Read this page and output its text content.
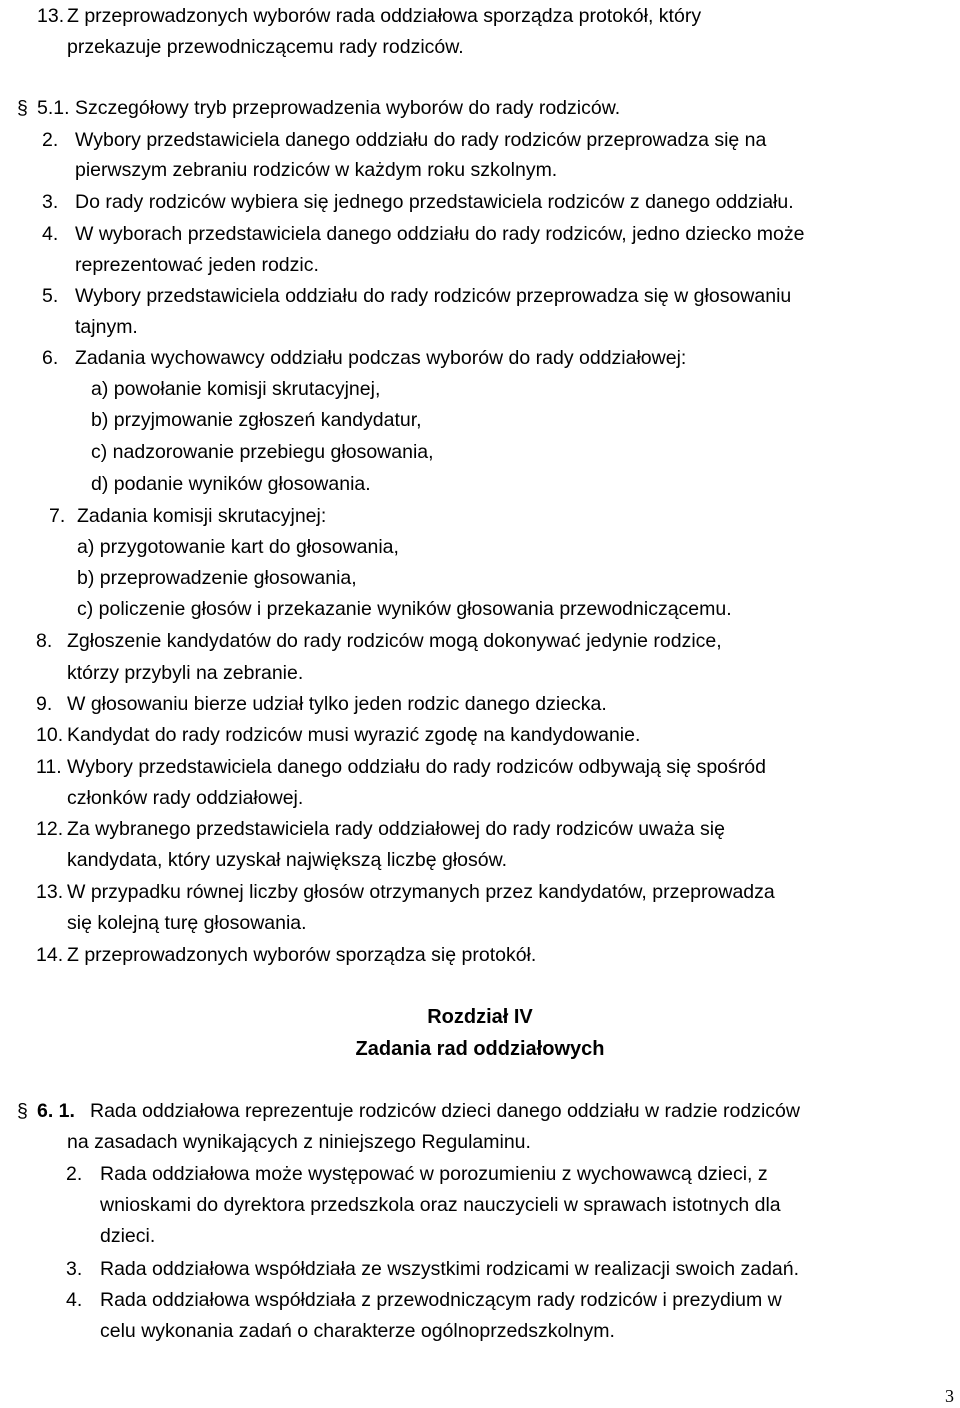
13. Z przeprowadzonych wyborów rada oddziałowa sporządza protokół, który
przekazuje przewodniczącemu rady rodziców.
§ 5.1. Szczegółowy tryb przeprowadzenia wyborów do rady rodziców.
2. Wybory przedstawiciela danego oddziału do rady rodziców przeprowadza się na
pierwszym zebraniu rodziców w każdym roku szkolnym.
3. Do rady rodziców wybiera się jednego przedstawiciela rodziców z danego oddziału.
4. W wyborach przedstawiciela danego oddziału do rady rodziców, jedno dziecko może
reprezentować jeden rodzic.
5. Wybory przedstawiciela oddziału do rady rodziców przeprowadza się w głosowaniu
tajnym.
6. Zadania wychowawcy oddziału podczas wyborów do rady oddziałowej:
a) powołanie komisji skrutacyjnej,
b) przyjmowanie zgłoszeń kandydatur,
c) nadzorowanie przebiegu głosowania,
d) podanie wyników głosowania.
7. Zadania komisji skrutacyjnej:
a) przygotowanie kart do głosowania,
b) przeprowadzenie głosowania,
c) policzenie głosów i przekazanie wyników głosowania przewodniczącemu.
8. Zgłoszenie kandydatów do rady rodziców mogą dokonywać jedynie rodzice,
którzy przybyli na zebranie.
9. W głosowaniu bierze udział tylko jeden rodzic danego dziecka.
10. Kandydat do rady rodziców musi wyrazić zgodę na kandydowanie.
11. Wybory przedstawiciela danego oddziału do rady rodziców odbywają się spośród
członków rady oddziałowej.
12. Za wybranego przedstawiciela rady oddziałowej do rady rodziców uważa się
kandydata, który uzyskał największą liczbę głosów.
13. W przypadku równej liczby głosów otrzymanych przez kandydatów, przeprowadza
się kolejną turę głosowania.
14. Z przeprowadzonych wyborów sporządza się protokół.
Rozdział IV
Zadania rad oddziałowych
§ 6. 1. Rada oddziałowa reprezentuje rodziców dzieci danego oddziału w radzie rodziców
na zasadach wynikających z niniejszego Regulaminu.
2. Rada oddziałowa może występować w porozumieniu z wychowawcą dzieci, z
wnioskami do dyrektora przedszkola oraz nauczycieli w sprawach istotnych dla
dzieci.
3. Rada oddziałowa współdziała ze wszystkimi rodzicami w realizacji swoich zadań.
4. Rada oddziałowa współdziała z przewodniczącym rady rodziców i prezydium w
celu wykonania zadań o charakterze ogólnoprzedszkolnym.
3
